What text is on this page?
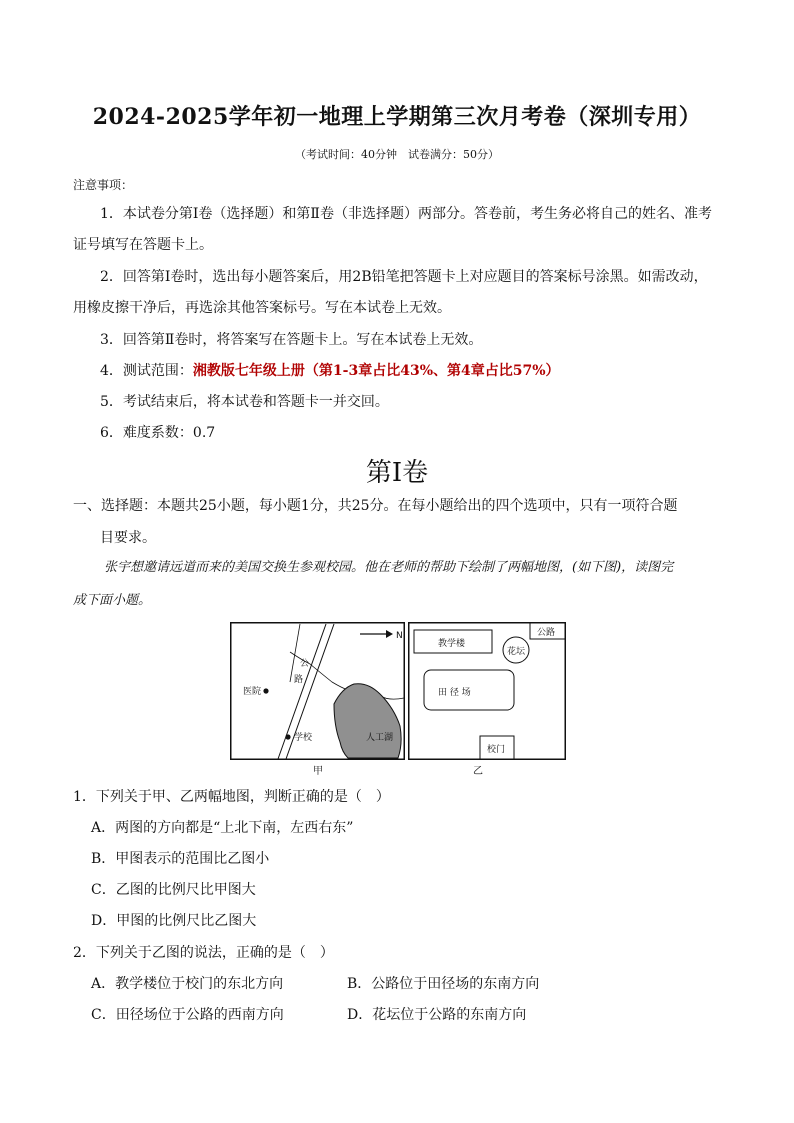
2024-2025学年初一地理上学期第三次月考卷（深圳专用）
（考试时间：40分钟　试卷满分：50分）
注意事项：
1．本试卷分第Ⅰ卷（选择题）和第Ⅱ卷（非选择题）两部分。答卷前，考生务必将自己的姓名、准考
证号填写在答题卡上。
2．回答第Ⅰ卷时，选出每小题答案后，用2B铅笔把答题卡上对应题目的答案标号涂黑。如需改动，
用橡皮擦干净后，再选涂其他答案标号。写在本试卷上无效。
3．回答第Ⅱ卷时，将答案写在答题卡上。写在本试卷上无效。
4．测试范围：湘教版七年级上册（第1-3章占比43%、第4章占比57%）
5．考试结束后，将本试卷和答题卡一并交回。
6．难度系数：0.7
第Ⅰ卷
一、选择题：本题共25小题，每小题1分，共25分。在每小题给出的四个选项中，只有一项符合题
目要求。
张宇想邀请远道而来的美国交换生参观校园。他在老师的帮助下绘制了两幅地图，(如下图)，读图完
成下面小题。
N
公
路
医院
学校	人工湖
甲
公路
教学楼
花坛
田 径 场
校门
乙
1．下列关于甲、乙两幅地图，判断正确的是（　）
A．两图的方向都是“上北下南，左西右东”
B．甲图表示的范围比乙图小
C．乙图的比例尺比甲图大
D．甲图的比例尺比乙图大
2．下列关于乙图的说法，正确的是（　）
A．教学楼位于校门的东北方向	B．公路位于田径场的东南方向
C．田径场位于公路的西南方向	D．花坛位于公路的东南方向
